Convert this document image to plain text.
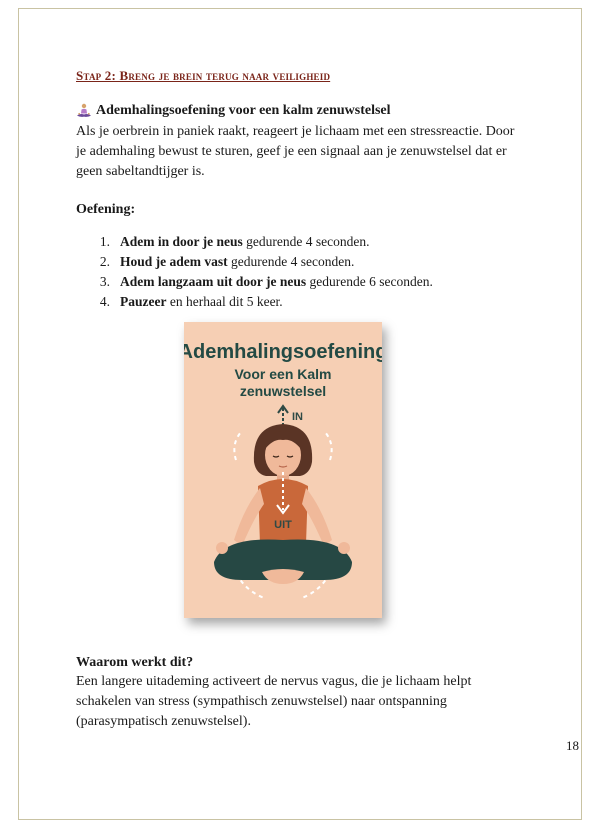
Stap 2: Breng je brein terug naar veiligheid
Ademhalingsoefening voor een kalm zenuwstelsel

Als je oerbrein in paniek raakt, reageert je lichaam met een stressreactie. Door je ademhaling bewust te sturen, geef je een signaal aan je zenuwstelsel dat er geen sabeltandtijger is.

Oefening:
1. Adem in door je neus gedurende 4 seconden.
2. Houd je adem vast gedurende 4 seconden.
3. Adem langzaam uit door je neus gedurende 6 seconden.
4. Pauzeer en herhaal dit 5 keer.
Waarom werkt dit?

Een langere uitademing activeert de nervus vagus, die je lichaam helpt schakelen van stress (sympathisch zenuwstelsel) naar ontspanning (parasympatisch zenuwstelsel).

18
Ademhalingsoefening
Voor een Kalm
zenuwstelsel
IN
UIT
